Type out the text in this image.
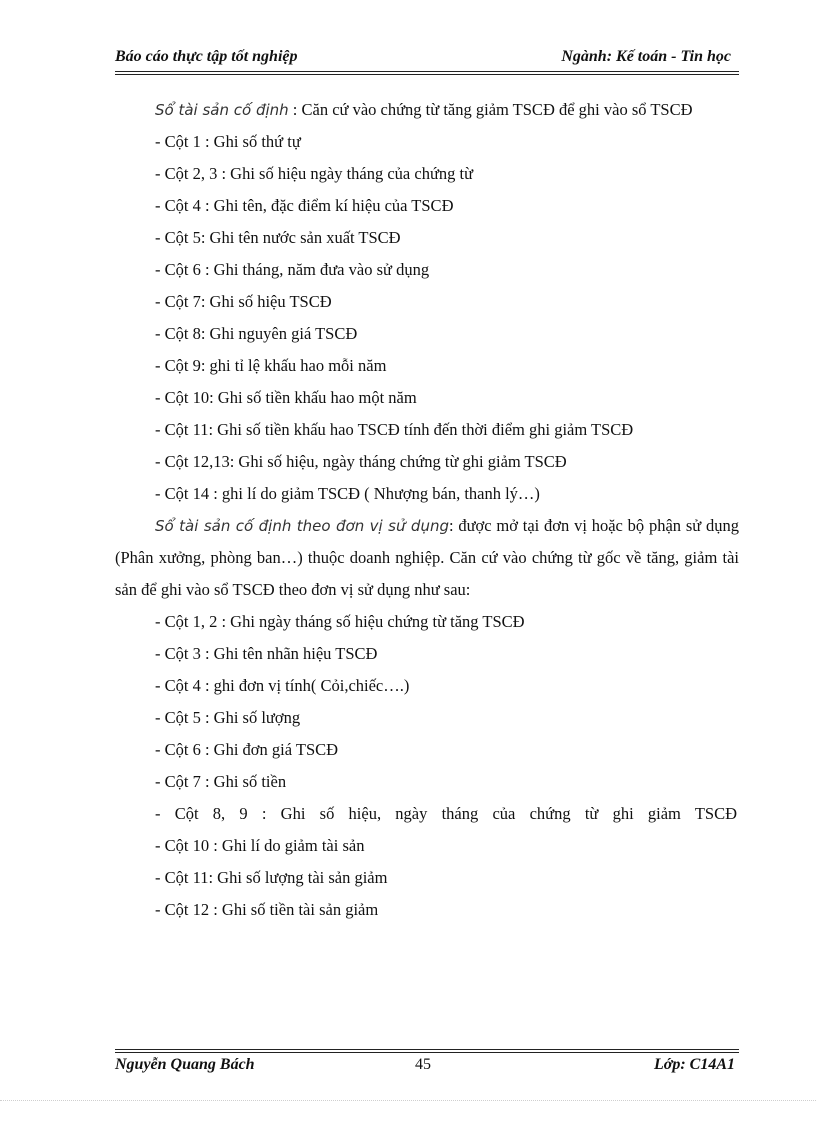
Báo cáo thực tập tốt nghiệp	Ngành: Kế toán - Tin học

Sổ tài sản cố định : Căn cứ vào chứng từ tăng giảm TSCĐ để ghi vào sổ TSCĐ

- Cột 1 : Ghi số thứ tự

- Cột 2, 3 : Ghi số hiệu ngày tháng của chứng từ

- Cột 4 : Ghi tên, đặc điểm kí hiệu của TSCĐ

- Cột 5: Ghi tên nước sản xuất TSCĐ

- Cột 6 : Ghi tháng, năm đưa vào sử dụng

- Cột 7: Ghi số hiệu TSCĐ

- Cột 8: Ghi nguyên giá TSCĐ

- Cột 9: ghi tỉ lệ khấu hao mỗi năm

- Cột 10: Ghi số tiền khấu hao một năm

- Cột 11: Ghi số tiền khấu hao TSCĐ tính đến thời điểm ghi giảm TSCĐ

- Cột 12,13: Ghi số hiệu, ngày tháng chứng từ ghi giảm TSCĐ

- Cột 14 : ghi lí do giảm TSCĐ ( Nhượng bán, thanh lý…)

Sổ tài sản cố định theo đơn vị sử dụng: được mở tại đơn vị hoặc bộ phận sử dụng (Phân xưởng, phòng ban…) thuộc doanh nghiệp. Căn cứ vào chứng từ gốc về tăng, giảm tài sản để ghi vào sổ TSCĐ theo đơn vị sử dụng như sau:

- Cột 1, 2 : Ghi ngày tháng số hiệu chứng từ tăng TSCĐ

- Cột 3 : Ghi tên nhãn hiệu TSCĐ

- Cột 4 : ghi đơn vị tính( Cỏi,chiếc….)

- Cột 5 : Ghi số lượng

- Cột 6 : Ghi đơn giá TSCĐ

- Cột 7 : Ghi số tiền

- Cột 8, 9 : Ghi số hiệu, ngày tháng của chứng từ ghi giảm TSCĐ

- Cột 10 : Ghi lí do giảm tài sản

- Cột 11: Ghi số lượng tài sản giảm

- Cột 12 : Ghi số tiền tài sản giảm

Nguyễn Quang Bách	45	Lớp: C14A1
